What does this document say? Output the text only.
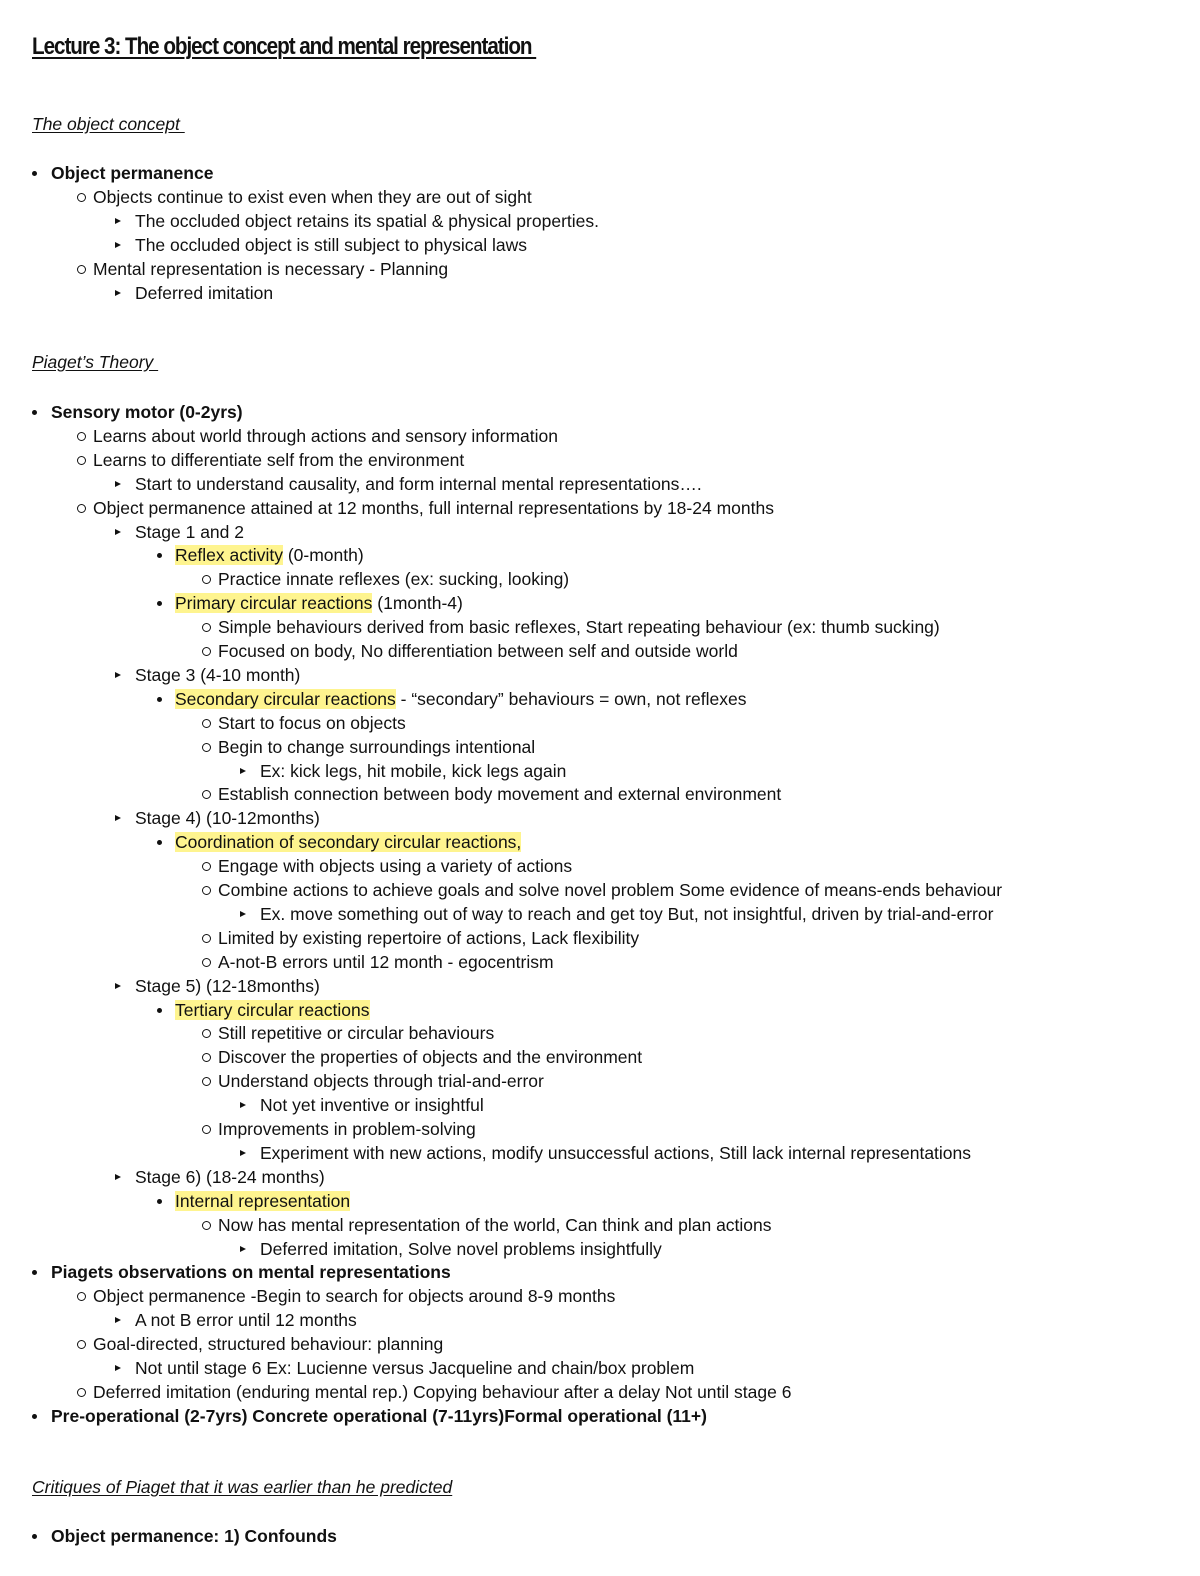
Lecture 3: The object concept and mental representation
The object concept
Object permanence
Objects continue to exist even when they are out of sight
The occluded object retains its spatial & physical properties.
The occluded object is still subject to physical laws
Mental representation is necessary - Planning
Deferred imitation
Piaget’s Theory
Sensory motor (0-2yrs)
Learns about world through actions and sensory information
Learns to differentiate self from the environment
Start to understand causality, and form internal mental representations….
Object permanence attained at 12 months, full internal representations by 18-24 months
Stage 1 and 2
Reflex activity (0-month)
Practice innate reflexes (ex: sucking, looking)
Primary circular reactions (1month-4)
Simple behaviours derived from basic reflexes, Start repeating behaviour (ex: thumb sucking)
Focused on body, No differentiation between self and outside world
Stage 3 (4-10 month)
Secondary circular reactions - “secondary” behaviours = own, not reflexes
Start to focus on objects
Begin to change surroundings intentional
Ex: kick legs, hit mobile, kick legs again
Establish connection between body movement and external environment
Stage 4) (10-12months)
Coordination of secondary circular reactions,
Engage with objects using a variety of actions
Combine actions to achieve goals and solve novel problem Some evidence of means-ends behaviour
Ex. move something out of way to reach and get toy But, not insightful, driven by trial-and-error
Limited by existing repertoire of actions, Lack flexibility
A-not-B errors until 12 month - egocentrism
Stage 5) (12-18months)
Tertiary circular reactions
Still repetitive or circular behaviours
Discover the properties of objects and the environment
Understand objects through trial-and-error
Not yet inventive or insightful
Improvements in problem-solving
Experiment with new actions, modify unsuccessful actions, Still lack internal representations
Stage 6) (18-24 months)
Internal representation
Now has mental representation of the world, Can think and plan actions
Deferred imitation, Solve novel problems insightfully
Piagets observations on mental representations
Object permanence -Begin to search for objects around 8-9 months
A not B error until 12 months
Goal-directed, structured behaviour: planning
Not until stage 6 Ex: Lucienne versus Jacqueline and chain/box problem
Deferred imitation (enduring mental rep.) Copying behaviour after a delay Not until stage 6
Pre-operational (2-7yrs) Concrete operational (7-11yrs)Formal operational (11+)
Critiques of Piaget that it was earlier than he predicted
Object permanence: 1) Confounds
